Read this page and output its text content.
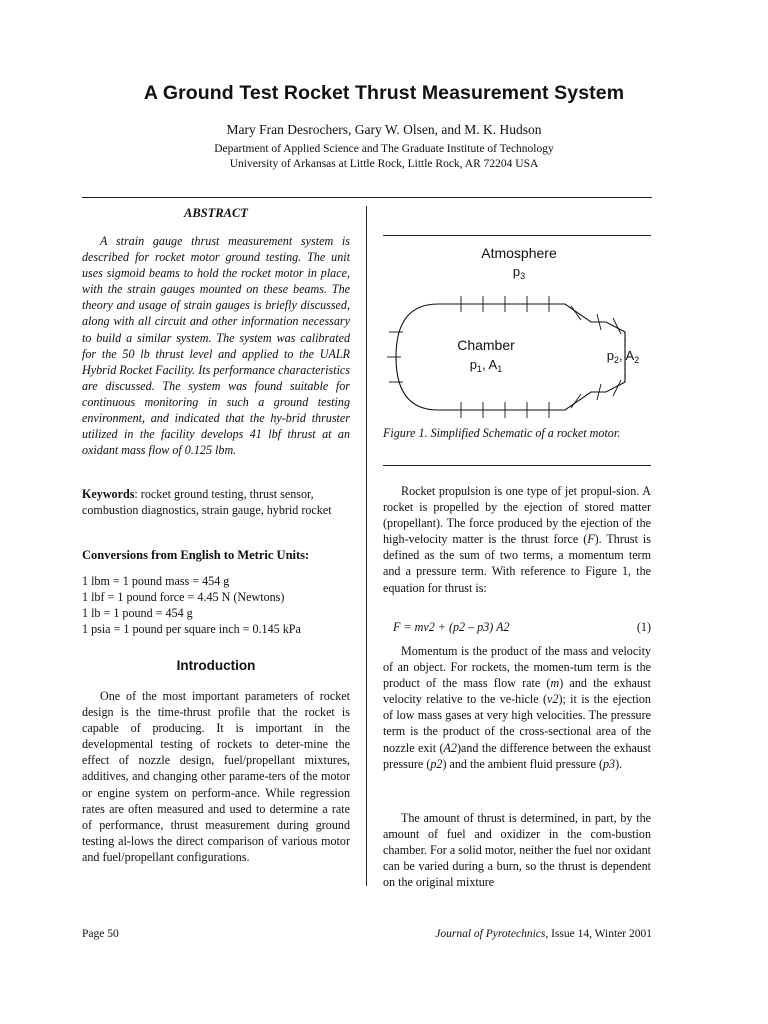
A Ground Test Rocket Thrust Measurement System
Mary Fran Desrochers, Gary W. Olsen, and M. K. Hudson
Department of Applied Science and The Graduate Institute of Technology
University of Arkansas at Little Rock, Little Rock, AR 72204 USA
ABSTRACT

A strain gauge thrust measurement system is described for rocket motor ground testing. The unit uses sigmoid beams to hold the rocket motor in place, with the strain gauges mounted on these beams. The theory and usage of strain gauges is briefly discussed, along with all circuit and other information necessary to build a similar system. The system was calibrated for the 50 lb thrust level and applied to the UALR Hybrid Rocket Facility. Its performance characteristics are discussed. The system was found suitable for continuous monitoring in such a ground testing environment, and indicated that the hy-brid thruster utilized in the facility develops 41 lbf thrust at an oxidant mass flow of 0.125 lbm.

Keywords: rocket ground testing, thrust sensor, combustion diagnostics, strain gauge, hybrid rocket

Conversions from English to Metric Units:
1 lbm = 1 pound mass = 454 g
1 lbf = 1 pound force = 4.45 N (Newtons)
1 lb = 1 pound = 454 g
1 psia = 1 pound per square inch = 0.145 kPa
Introduction

One of the most important parameters of rocket design is the time-thrust profile that the rocket is capable of producing. It is important in the developmental testing of rockets to deter-mine the effect of nozzle design, fuel/propellant mixtures, additives, and changing other parame-ters of the motor or engine system on perform-ance. While regression rates are often measured and used to determine a rate of performance, thrust measurement during ground testing al-lows the direct comparison of various motor and fuel/propellant configurations.

Atmosphere
$p_3$
Chamber
$p_1$, $A_1$
$p_2$, $A_2$

Figure 1. Simplified Schematic of a rocket motor.

Rocket propulsion is one type of jet propul-sion. A rocket is propelled by the ejection of stored matter (propellant). The force produced by the ejection of the high-velocity matter is the thrust force (F). Thrust is defined as the sum of two terms, a momentum term and a pressure term. With reference to Figure 1, the equation for thrust is:

F = mv2 + (p2 – p3) A2	(1)

Momentum is the product of the mass and velocity of an object. For rockets, the momen-tum term is the product of the mass flow rate (m) and the exhaust velocity relative to the ve-hicle (v2); it is the ejection of low mass gases at very high velocities. The pressure term is the product of the cross-sectional area of the nozzle exit (A2)and the difference between the exhaust pressure (p2) and the ambient fluid pressure (p3).

The amount of thrust is determined, in part, by the amount of fuel and oxidizer in the com-bustion chamber. For a solid motor, neither the fuel nor oxidant can be varied during a burn, so the thrust is dependent on the original mixture

Page 50	Journal of Pyrotechnics, Issue 14, Winter 2001
